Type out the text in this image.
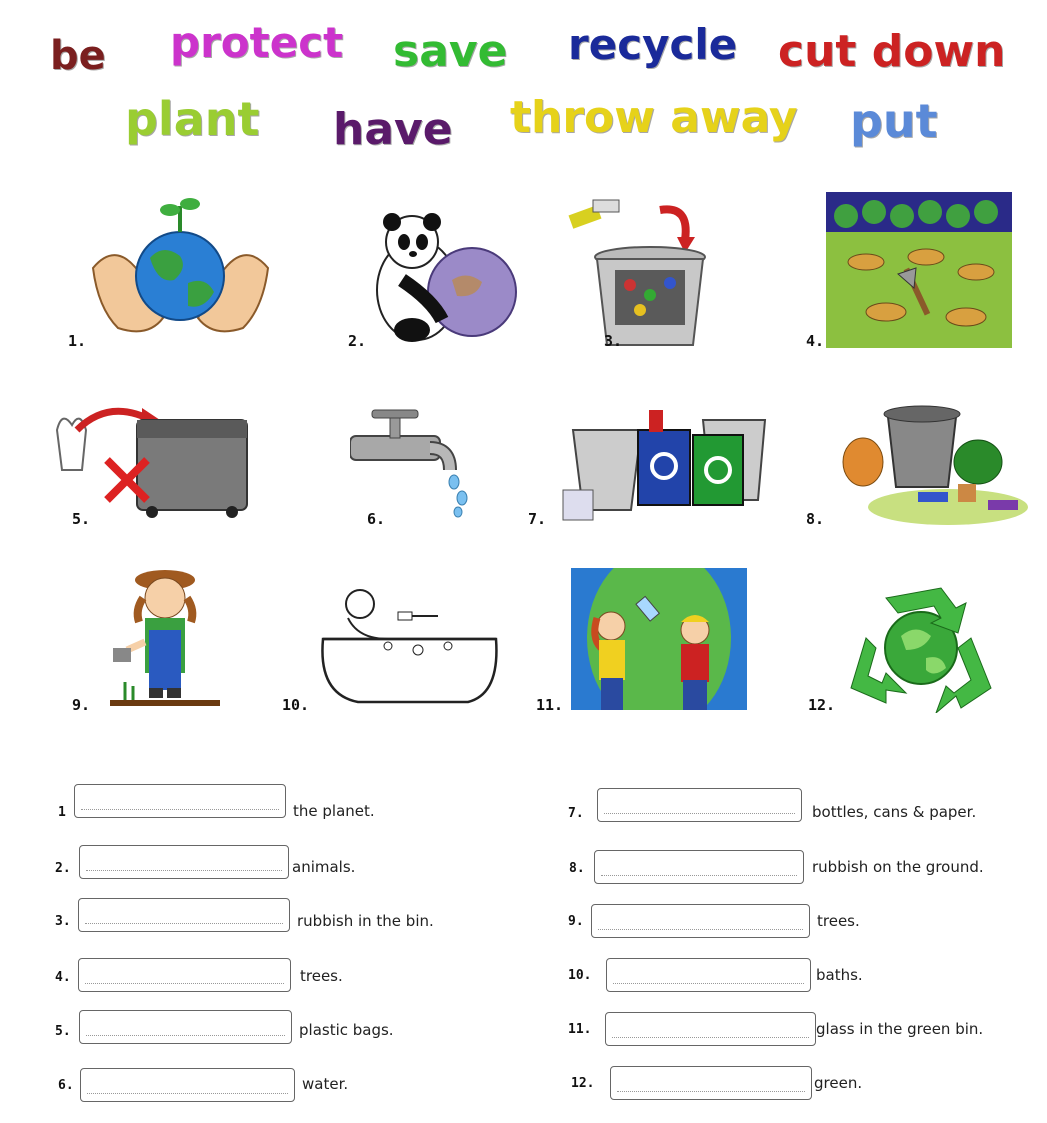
be protect save recycle cut down
plant have throw away put
1.	2.	3.	4.
5.	6.	7.	8.
9.	10.	11.	12.
1	the planet.
2.	animals.
3.	rubbish in the bin.
4.	trees.
5.	plastic bags.
6.	water.
7.	bottles, cans & paper.
8.	rubbish on the ground.
9.	trees.
10.	baths.
11.	glass in the green bin.
12.	green.
